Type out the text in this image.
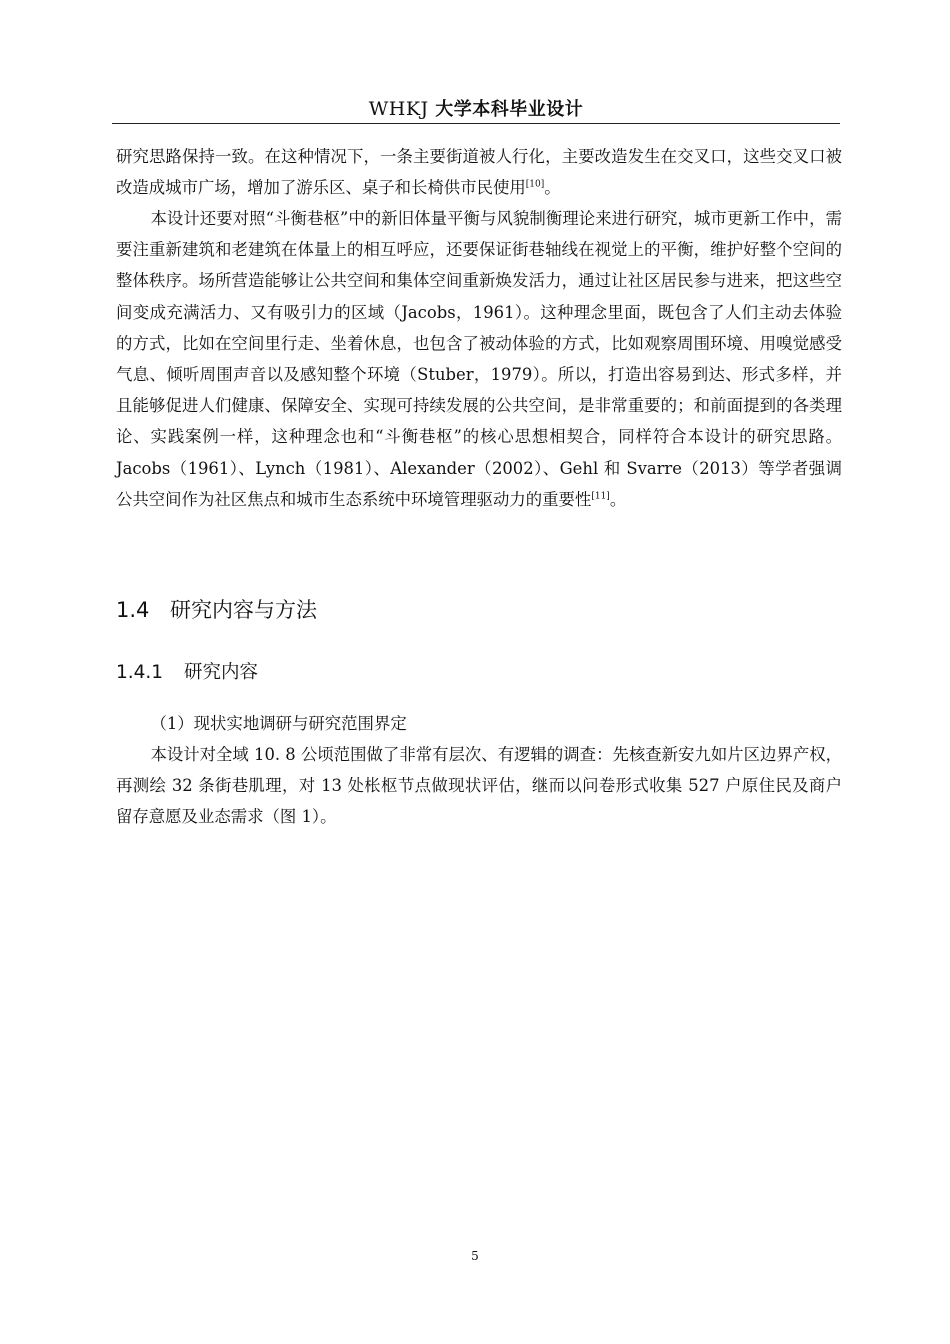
WHKJ 大学本科毕业设计

研究思路保持一致。在这种情况下，一条主要街道被人行化，主要改造发生在交叉口，这些交叉口被改造成城市广场，增加了游乐区、桌子和长椅供市民使用[10]。

本设计还要对照“斗衡巷枢”中的新旧体量平衡与风貌制衡理论来进行研究，城市更新工作中，需要注重新建筑和老建筑在体量上的相互呼应，还要保证街巷轴线在视觉上的平衡，维护好整个空间的整体秩序。场所营造能够让公共空间和集体空间重新焕发活力，通过让社区居民参与进来，把这些空间变成充满活力、又有吸引力的区域（Jacobs，1961）。这种理念里面，既包含了人们主动去体验的方式，比如在空间里行走、坐着休息，也包含了被动体验的方式，比如观察周围环境、用嗅觉感受气息、倾听周围声音以及感知整个环境（Stuber，1979）。所以，打造出容易到达、形式多样，并且能够促进人们健康、保障安全、实现可持续发展的公共空间，是非常重要的；和前面提到的各类理论、实践案例一样，这种理念也和“斗衡巷枢”的核心思想相契合，同样符合本设计的研究思路。Jacobs（1961）、Lynch（1981）、Alexander（2002）、Gehl 和 Svarre（2013）等学者强调公共空间作为社区焦点和城市生态系统中环境管理驱动力的重要性[11]。

1.4 研究内容与方法
1.4.1 研究内容

（1）现状实地调研与研究范围界定

本设计对全域 10. 8 公顷范围做了非常有层次、有逻辑的调查：先核查新安九如片区边界产权，再测绘 32 条街巷肌理，对 13 处枨枢节点做现状评估，继而以问卷形式收集 527 户原住民及商户留存意愿及业态需求（图 1）。

5
